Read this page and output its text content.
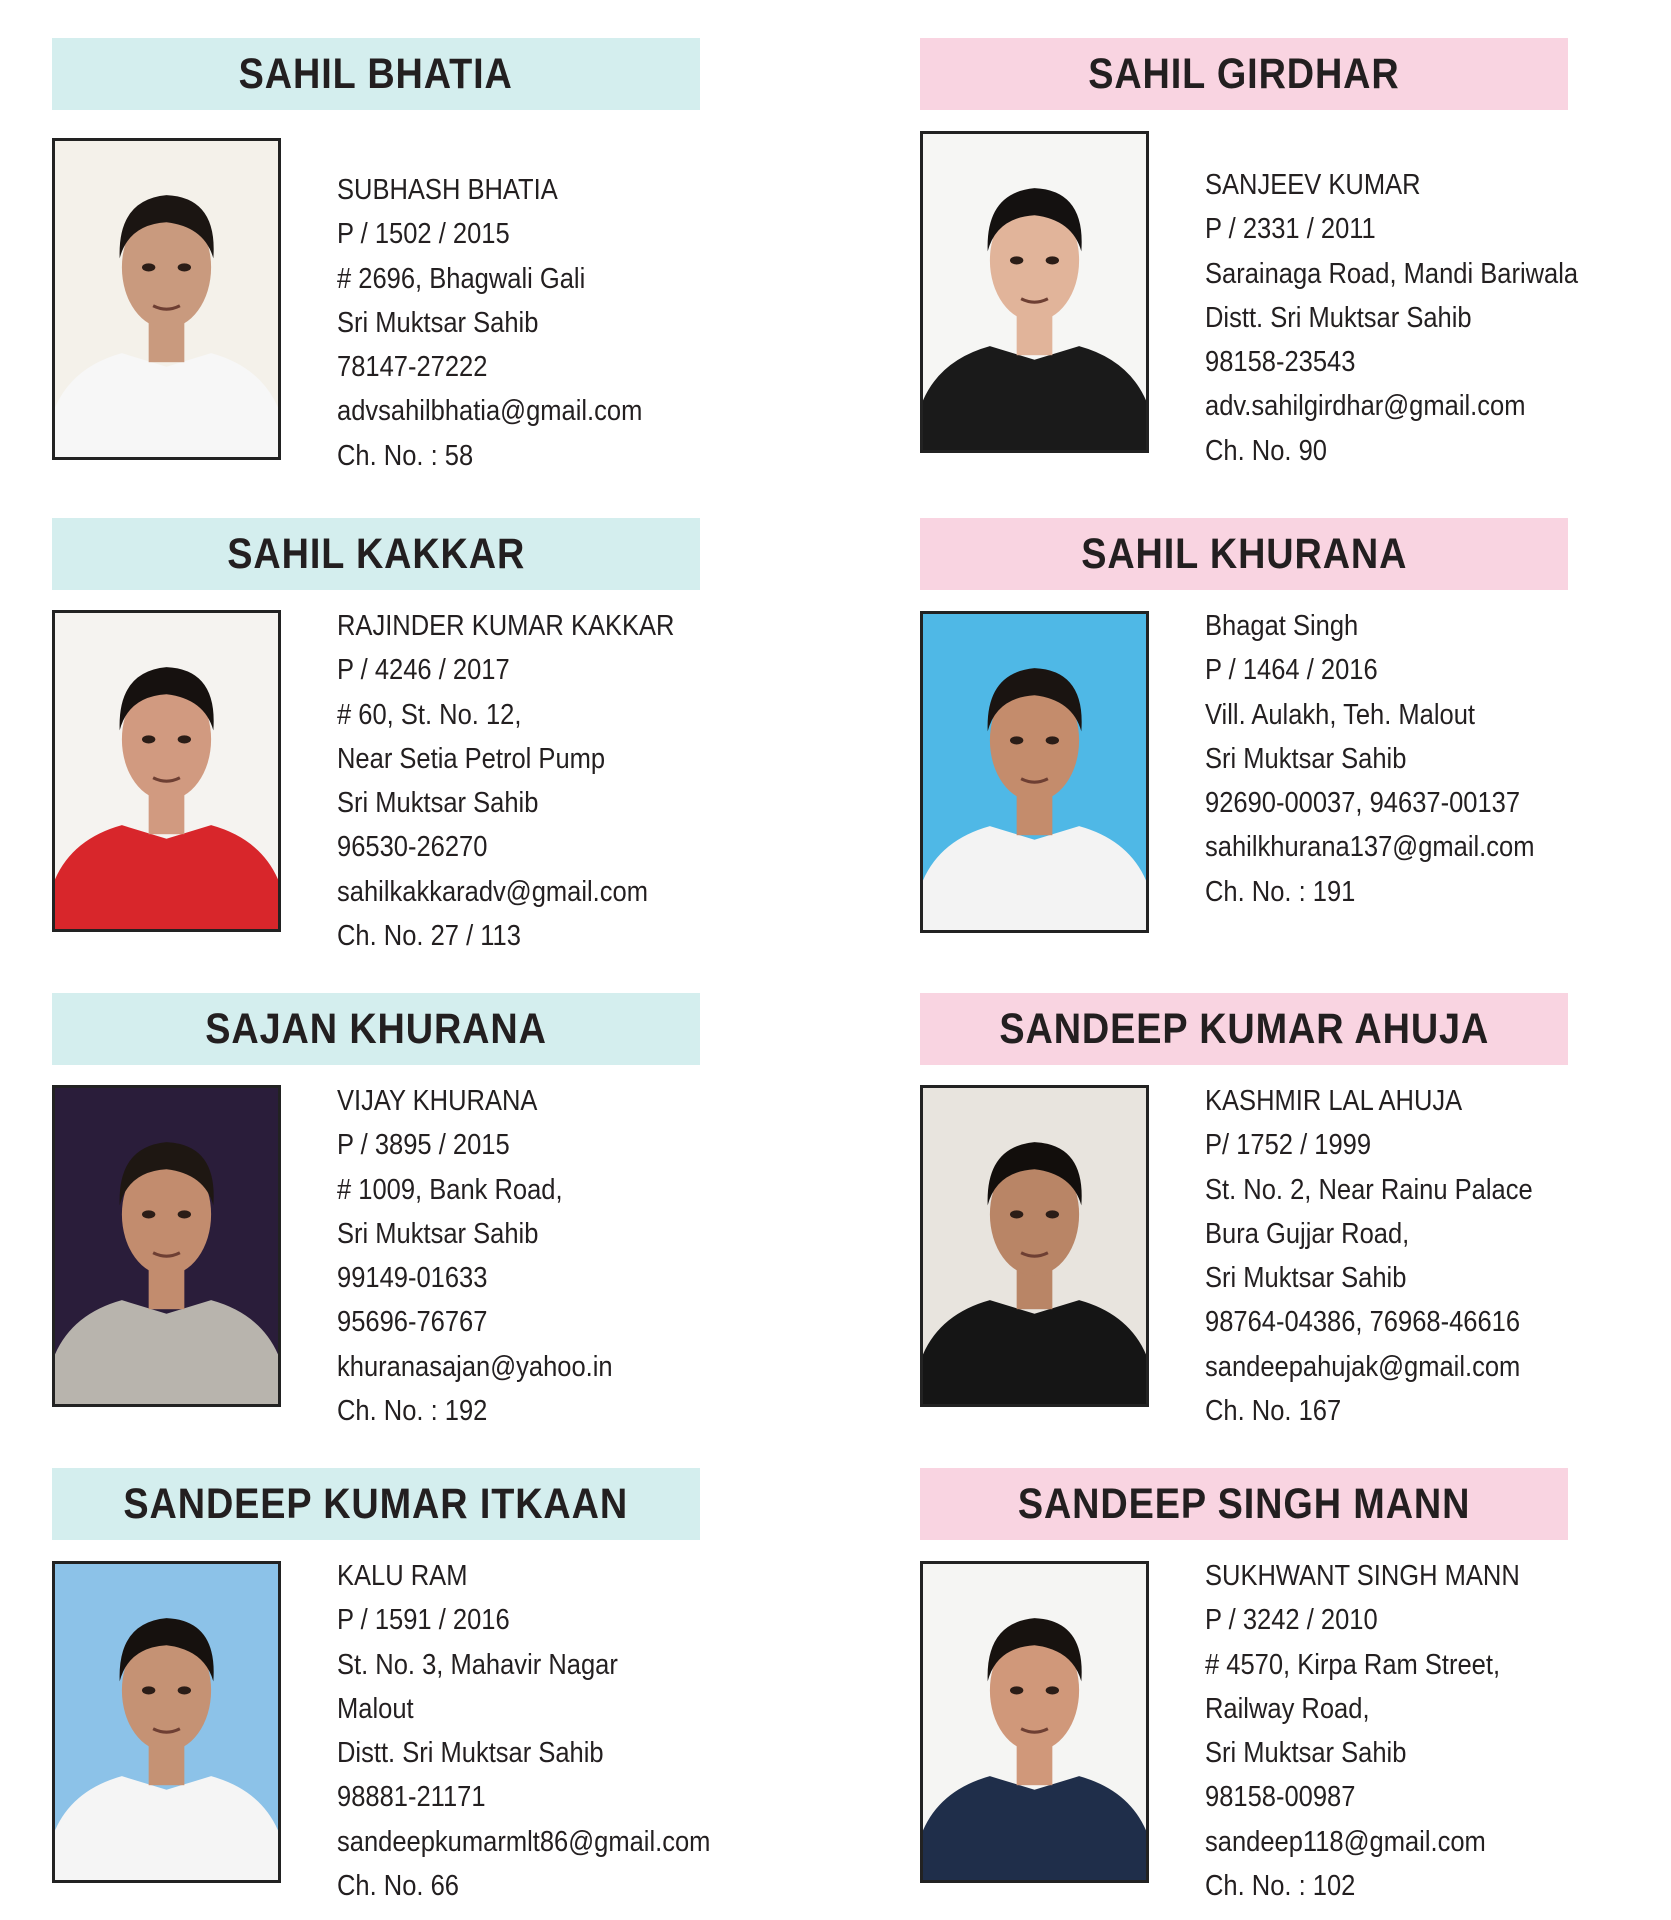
SAHIL BHATIA
SUBHASH BHATIA
P / 1502 / 2015
# 2696, Bhagwali Gali
Sri Muktsar Sahib
78147-27222
advsahilbhatia@gmail.com
Ch. No. : 58
SAHIL GIRDHAR
SANJEEV KUMAR
P / 2331 / 2011
Sarainaga Road, Mandi Bariwala
Distt. Sri Muktsar Sahib
98158-23543
adv.sahilgirdhar@gmail.com
Ch. No. 90
SAHIL KAKKAR
RAJINDER KUMAR KAKKAR
P / 4246 / 2017
# 60, St. No. 12,
Near Setia Petrol Pump
Sri Muktsar Sahib
96530-26270
sahilkakkaradv@gmail.com
Ch. No. 27 / 113
SAHIL KHURANA
Bhagat Singh
P / 1464 / 2016
Vill. Aulakh, Teh. Malout
Sri Muktsar Sahib
92690-00037, 94637-00137
sahilkhurana137@gmail.com
Ch. No. : 191
SAJAN KHURANA
VIJAY KHURANA
P / 3895 / 2015
# 1009, Bank Road,
Sri Muktsar Sahib
99149-01633
95696-76767
khuranasajan@yahoo.in
Ch. No. : 192
SANDEEP KUMAR AHUJA
KASHMIR LAL AHUJA
P/ 1752 / 1999
St. No. 2, Near Rainu Palace
Bura Gujjar Road,
Sri Muktsar Sahib
98764-04386, 76968-46616
sandeepahujak@gmail.com
Ch. No. 167
SANDEEP KUMAR ITKAAN
KALU RAM
P / 1591 / 2016
St. No. 3, Mahavir Nagar
Malout
Distt. Sri Muktsar Sahib
98881-21171
sandeepkumarmlt86@gmail.com
Ch. No. 66
SANDEEP SINGH MANN
SUKHWANT SINGH MANN
P / 3242 / 2010
# 4570, Kirpa Ram Street,
Railway Road,
Sri Muktsar Sahib
98158-00987
sandeep118@gmail.com
Ch. No. : 102
